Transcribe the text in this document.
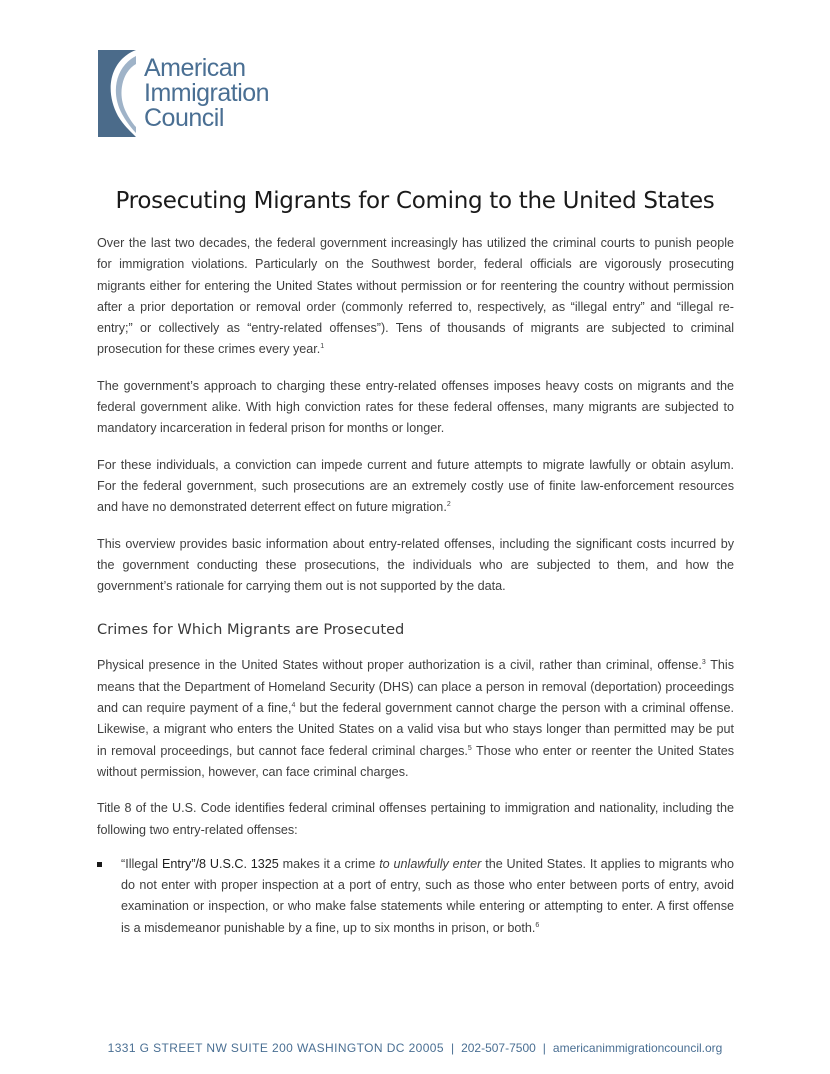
American
Immigration
Council
Prosecuting Migrants for Coming to the United States

Over the last two decades, the federal government increasingly has utilized the criminal courts to punish people for immigration violations. Particularly on the Southwest border, federal officials are vigorously prosecuting migrants either for entering the United States without permission or for reentering the country without permission after a prior deportation or removal order (commonly referred to, respectively, as “illegal entry” and “illegal re-entry;” or collectively as “entry-related offenses”). Tens of thousands of migrants are subjected to criminal prosecution for these crimes every year.$^1$

The government’s approach to charging these entry-related offenses imposes heavy costs on migrants and the federal government alike. With high conviction rates for these federal offenses, many migrants are subjected to mandatory incarceration in federal prison for months or longer.

For these individuals, a conviction can impede current and future attempts to migrate lawfully or obtain asylum. For the federal government, such prosecutions are an extremely costly use of finite law-enforcement resources and have no demonstrated deterrent effect on future migration.$^2$

This overview provides basic information about entry-related offenses, including the significant costs incurred by the government conducting these prosecutions, the individuals who are subjected to them, and how the government’s rationale for carrying them out is not supported by the data.

Crimes for Which Migrants are Prosecuted

Physical presence in the United States without proper authorization is a civil, rather than criminal, offense.$^3$ This means that the Department of Homeland Security (DHS) can place a person in removal (deportation) proceedings and can require payment of a fine,$^4$ but the federal government cannot charge the person with a criminal offense. Likewise, a migrant who enters the United States on a valid visa but who stays longer than permitted may be put in removal proceedings, but cannot face federal criminal charges.$^5$ Those who enter or reenter the United States without permission, however, can face criminal charges.

Title 8 of the U.S. Code identifies federal criminal offenses pertaining to immigration and nationality, including the following two entry-related offenses:

“Illegal Entry”/8 U.S.C. 1325 makes it a crime to unlawfully enter the United States. It applies to migrants who do not enter with proper inspection at a port of entry, such as those who enter between ports of entry, avoid examination or inspection, or who make false statements while entering or attempting to enter. A first offense is a misdemeanor punishable by a fine, up to six months in prison, or both.$^6$
1331 G STREET NW SUITE 200 WASHINGTON DC 20005 | 202-507-7500 | americanimmigrationcouncil.org
